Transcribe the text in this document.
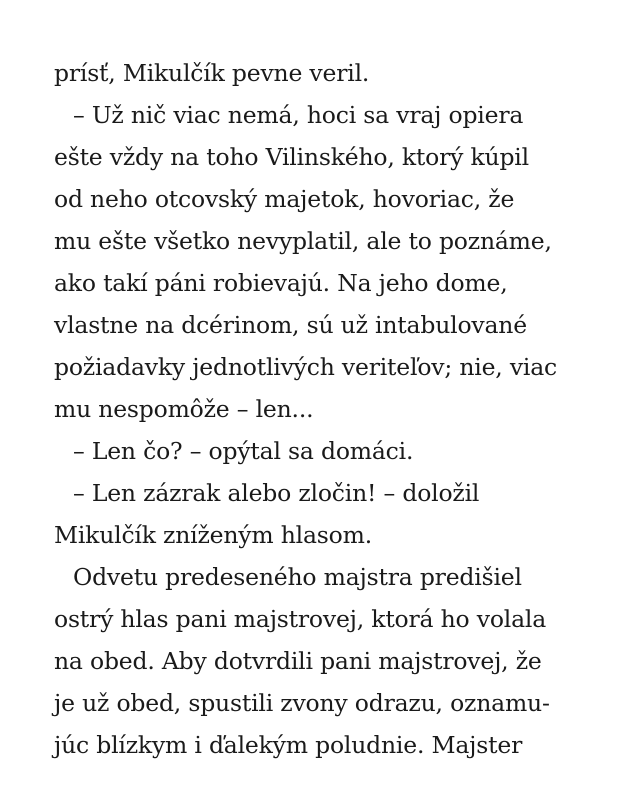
prísť, Mikulčík pevne veril.
– Už nič viac nemá, hoci sa vraj opiera
ešte vždy na toho Vilinského, ktorý kúpil
od neho otcovský majetok, hovoriac, že
mu ešte všetko nevyplatil, ale to poznáme,
ako takí páni robievajú. Na jeho dome,
vlastne na dcérinom, sú už intabulované
požiadavky jednotlivých veriteľov; nie, viac
mu nespomôže – len...
– Len čo? – opýtal sa domáci.
– Len zázrak alebo zločin! – doložil
Mikulčík zníženým hlasom.
Odvetu predeseného majstra predišiel
ostrý hlas pani majstrovej, ktorá ho volala
na obed. Aby dotvrdili pani majstrovej, že
je už obed, spustili zvony odrazu, oznamu-
júc blízkym i ďalekým poludnie. Majster
